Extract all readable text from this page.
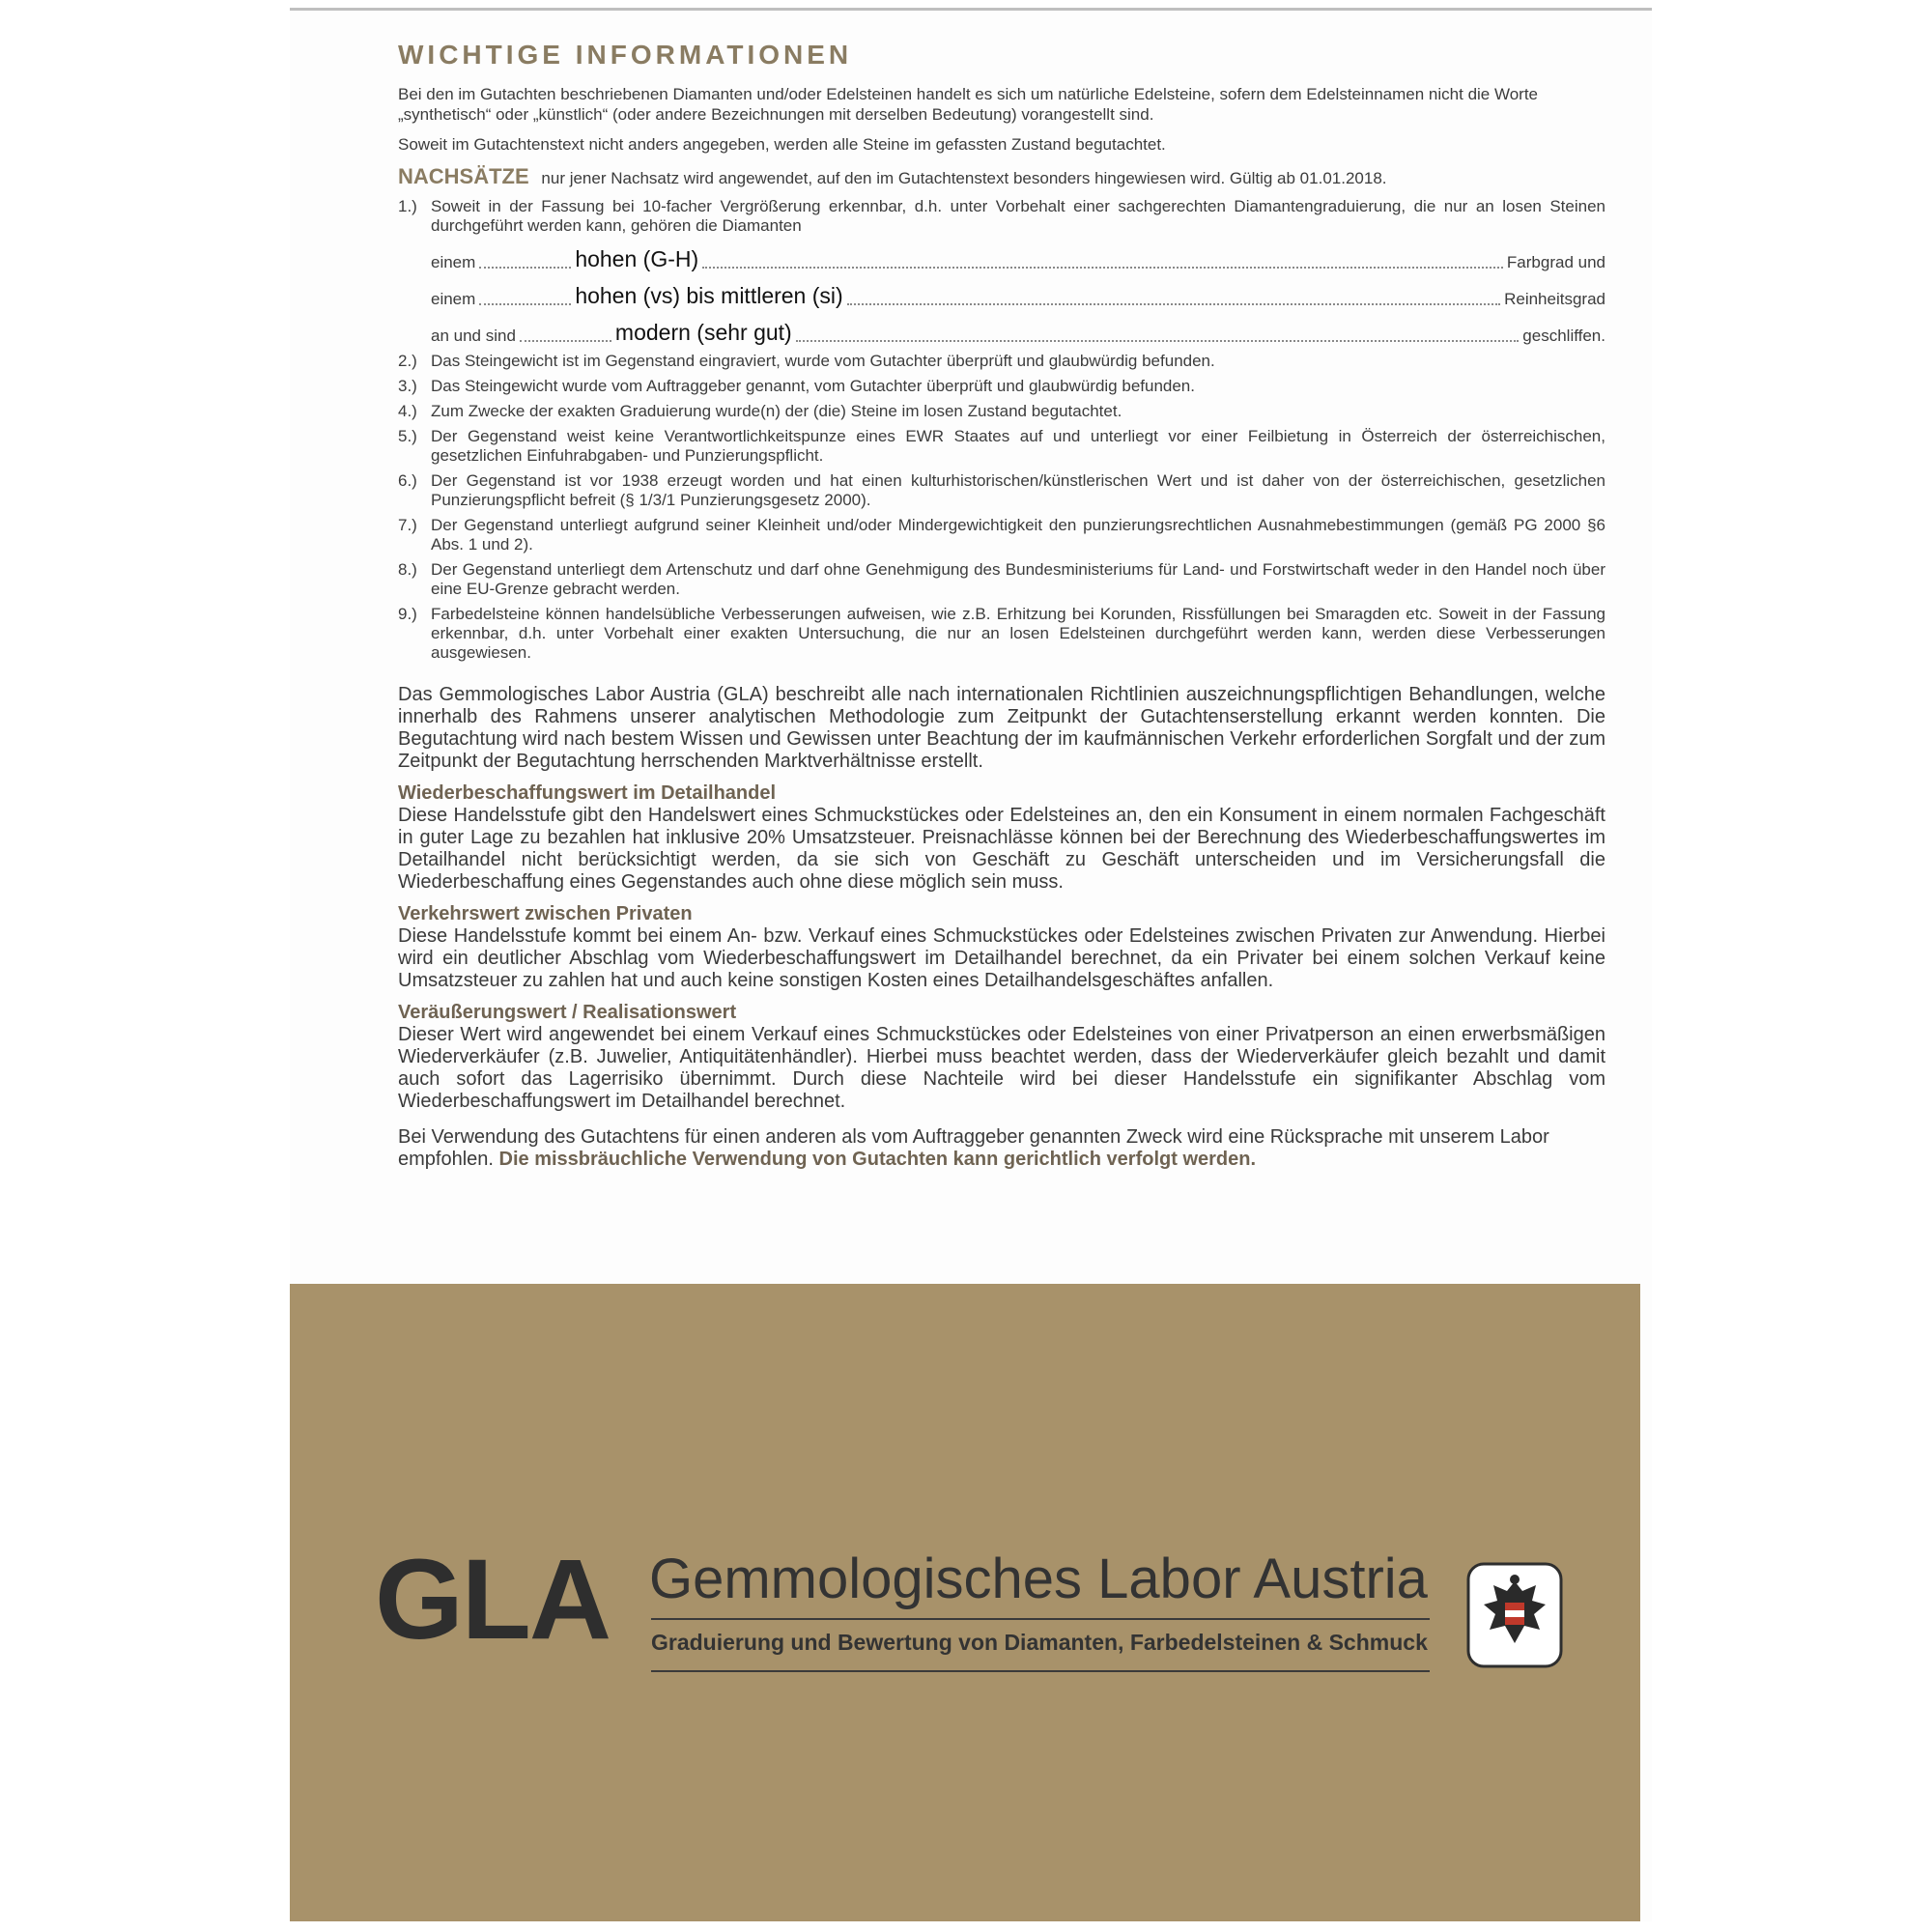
WICHTIGE INFORMATIONEN

Bei den im Gutachten beschriebenen Diamanten und/oder Edelsteinen handelt es sich um natürliche Edelsteine, sofern dem Edelsteinnamen nicht die Worte „synthetisch“ oder „künstlich“ (oder andere Bezeichnungen mit derselben Bedeutung) vorangestellt sind.

Soweit im Gutachtenstext nicht anders angegeben, werden alle Steine im gefassten Zustand begutachtet.

NACHSÄTZE nur jener Nachsatz wird angewendet, auf den im Gutachtenstext besonders hingewiesen wird. Gültig ab 01.01.2018.
1.) Soweit in der Fassung bei 10-facher Vergrößerung erkennbar, d.h. unter Vorbehalt einer sachgerechten Diamantengraduierung, die nur an losen Steinen durchgeführt werden kann, gehören die Diamanten
einem	hohen (G-H)	Farbgrad und
einem	hohen (vs) bis mittleren (si)	Reinheitsgrad
an und sind	modern (sehr gut)	geschliffen.
2.) Das Steingewicht ist im Gegenstand eingraviert, wurde vom Gutachter überprüft und glaubwürdig befunden.
3.) Das Steingewicht wurde vom Auftraggeber genannt, vom Gutachter überprüft und glaubwürdig befunden.
4.) Zum Zwecke der exakten Graduierung wurde(n) der (die) Steine im losen Zustand begutachtet.
5.) Der Gegenstand weist keine Verantwortlichkeitspunze eines EWR Staates auf und unterliegt vor einer Feilbietung in Österreich der österreichischen, gesetzlichen Einfuhrabgaben- und Punzierungspflicht.
6.) Der Gegenstand ist vor 1938 erzeugt worden und hat einen kulturhistorischen/künstlerischen Wert und ist daher von der österreichischen, gesetzlichen Punzierungspflicht befreit (§ 1/3/1 Punzierungsgesetz 2000).
7.) Der Gegenstand unterliegt aufgrund seiner Kleinheit und/oder Mindergewichtigkeit den punzierungsrechtlichen Ausnahmebestimmungen (gemäß PG 2000 §6 Abs. 1 und 2).
8.) Der Gegenstand unterliegt dem Artenschutz und darf ohne Genehmigung des Bundesministeriums für Land- und Forstwirtschaft weder in den Handel noch über eine EU-Grenze gebracht werden.
9.) Farbedelsteine können handelsübliche Verbesserungen aufweisen, wie z.B. Erhitzung bei Korunden, Rissfüllungen bei Smaragden etc. Soweit in der Fassung erkennbar, d.h. unter Vorbehalt einer exakten Untersuchung, die nur an losen Edelsteinen durchgeführt werden kann, werden diese Verbesserungen ausgewiesen.

Das Gemmologisches Labor Austria (GLA) beschreibt alle nach internationalen Richtlinien auszeichnungspflichtigen Behandlungen, welche innerhalb des Rahmens unserer analytischen Methodologie zum Zeitpunkt der Gutachtenserstellung erkannt werden konnten. Die Begutachtung wird nach bestem Wissen und Gewissen unter Beachtung der im kaufmännischen Verkehr erforderlichen Sorgfalt und der zum Zeitpunkt der Begutachtung herrschenden Marktverhältnisse erstellt.

Wiederbeschaffungswert im Detailhandel

Diese Handelsstufe gibt den Handelswert eines Schmuckstückes oder Edelsteines an, den ein Konsument in einem normalen Fachgeschäft in guter Lage zu bezahlen hat inklusive 20% Umsatzsteuer. Preisnachlässe können bei der Berechnung des Wiederbeschaffungswertes im Detailhandel nicht berücksichtigt werden, da sie sich von Geschäft zu Geschäft unterscheiden und im Versicherungsfall die Wiederbeschaffung eines Gegenstandes auch ohne diese möglich sein muss.

Verkehrswert zwischen Privaten

Diese Handelsstufe kommt bei einem An- bzw. Verkauf eines Schmuckstückes oder Edelsteines zwischen Privaten zur Anwendung. Hierbei wird ein deutlicher Abschlag vom Wiederbeschaffungswert im Detailhandel berechnet, da ein Privater bei einem solchen Verkauf keine Umsatzsteuer zu zahlen hat und auch keine sonstigen Kosten eines Detailhandelsgeschäftes anfallen.

Veräußerungswert / Realisationswert

Dieser Wert wird angewendet bei einem Verkauf eines Schmuckstückes oder Edelsteines von einer Privatperson an einen erwerbsmäßigen Wiederverkäufer (z.B. Juwelier, Antiquitätenhändler). Hierbei muss beachtet werden, dass der Wiederverkäufer gleich bezahlt und damit auch sofort das Lagerrisiko übernimmt. Durch diese Nachteile wird bei dieser Handelsstufe ein signifikanter Abschlag vom Wiederbeschaffungswert im Detailhandel berechnet.

Bei Verwendung des Gutachtens für einen anderen als vom Auftraggeber genannten Zweck wird eine Rücksprache mit unserem Labor empfohlen. Die missbräuchliche Verwendung von Gutachten kann gerichtlich verfolgt werden.

GLA Gemmologisches Labor Austria
Graduierung und Bewertung von Diamanten, Farbedelsteinen & Schmuck
